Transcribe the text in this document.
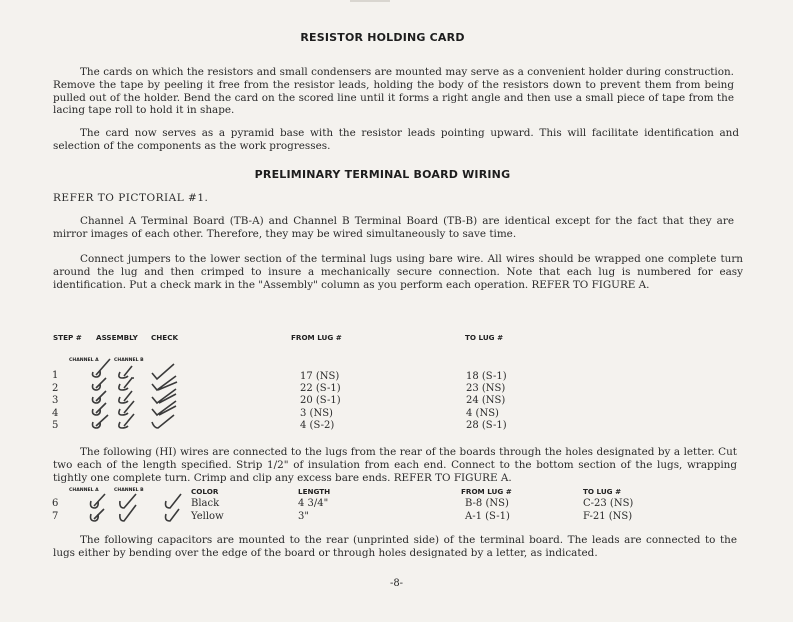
RESISTOR HOLDING CARD

The cards on which the resistors and small condensers are mounted may serve as a convenient holder during construction. Remove the tape by peeling it free from the resistor leads, holding the body of the resistors down to prevent them from being pulled out of the holder. Bend the card on the scored line until it forms a right angle and then use a small piece of tape from the lacing tape roll to hold it in shape.

The card now serves as a pyramid base with the resistor leads pointing upward. This will facilitate identification and selection of the components as the work progresses.

PRELIMINARY TERMINAL BOARD WIRING
REFER TO PICTORIAL #1.

Channel A Terminal Board (TB-A) and Channel B Terminal Board (TB-B) are identical except for the fact that they are mirror images of each other. Therefore, they may be wired simultaneously to save time.

Connect jumpers to the lower section of the terminal lugs using bare wire. All wires should be wrapped one complete turn around the lug and then crimped to insure a mechanically secure connection. Note that each lug is numbered for easy identification. Put a check mark in the "Assembly" column as you perform each operation. REFER TO FIGURE A.

STEP # ASSEMBLY CHECK	FROM LUG #	TO LUG #
CHANNEL A	CHANNEL B
1	17 (NS)	18 (S-1)
2	22 (S-1)	23 (NS)
3	20 (S-1)	24 (NS)
4	3 (NS)	4 (NS)
5	4 (S-2)	28 (S-1)

The following (HI) wires are connected to the lugs from the rear of the boards through the holes designated by a letter. Cut two each of the length specified. Strip 1/2" of insulation from each end. Connect to the bottom section of the lugs, wrapping tightly one complete turn. Crimp and clip any excess bare ends. REFER TO FIGURE A.

CHANNEL A	CHANNEL B	COLOR	LENGTH	FROM LUG #	TO LUG #
6	Black	4 3/4"	B-8 (NS)	C-23 (NS)
7	Yellow	3"	A-1 (S-1)	F-21 (NS)

The following capacitors are mounted to the rear (unprinted side) of the terminal board. The leads are connected to the lugs either by bending over the edge of the board or through holes designated by a letter, as indicated.

-8-
